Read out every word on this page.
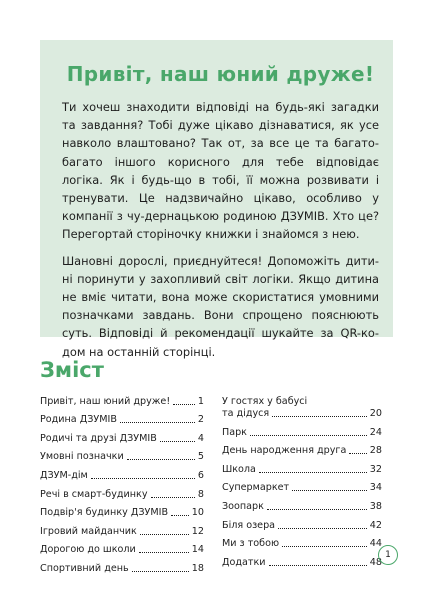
Привіт, наш юний друже!

Ти хочеш знаходити відповіді на будь-які загадки та завдання? Тобі дуже цікаво дізнаватися, як усе навколо влаштовано? Так от, за все це та багато-багато іншого корисного для тебе відповідає логіка. Як і будь-що в тобі, її можна розвивати і тренувати. Це надзвичайно цікаво, особливо у компанії з чу-дернацькою родиною ДЗУМІВ. Хто це? Перегортай сторіночку книжки і знайомся з нею.

Шановні дорослі, приєднуйтеся! Допоможіть дити-ні поринути у захопливий світ логіки. Якщо дитина не вміє читати, вона може скористатися умовними позначками завдань. Вони спрощено пояснюють суть. Відповіді й рекомендації шукайте за QR-ко-дом на останній сторінці.

Зміст
Привіт, наш юний друже!	1
Родина ДЗУМІВ	2
Родичі та друзі ДЗУМІВ	4
Умовні позначки	5
ДЗУМ-дім	6
Речі в смарт-будинку	8
Подвір'я будинку ДЗУМІВ 10
Ігровий майданчик	12
Дорогою до школи	14
Спортивний день	18
У гостях у бабусі
та дідуся	20
Парк	24
День народження друга 28
Школа	32
Супермаркет	34
Зоопарк	38
Біля озера	42
Ми з тобою	44
Додатки	48
1
